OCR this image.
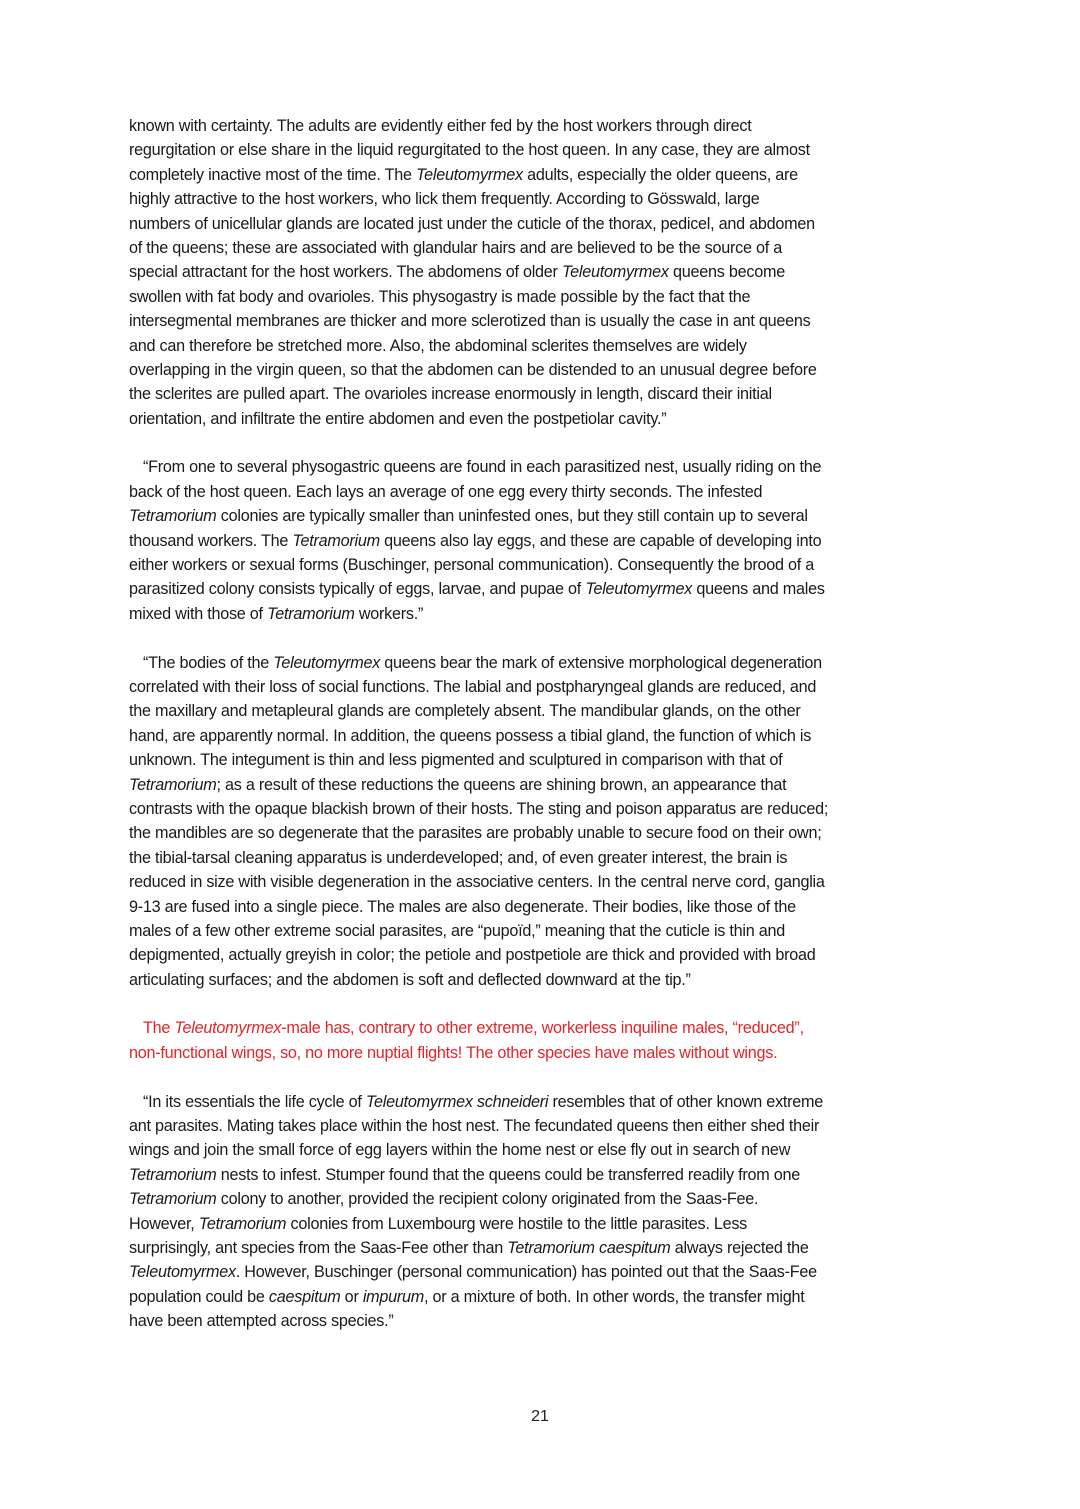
known with certainty. The adults are evidently either fed by the host workers through direct
regurgitation or else share in the liquid regurgitated to the host queen. In any case, they are almost
completely inactive most of the time. The Teleutomyrmex adults, especially the older queens, are
highly attractive to the host workers, who lick them frequently. According to Gösswald, large
numbers of unicellular glands are located just under the cuticle of the thorax, pedicel, and abdomen
of the queens; these are associated with glandular hairs and are believed to be the source of a
special attractant for the host workers. The abdomens of older Teleutomyrmex queens become
swollen with fat body and ovarioles. This physogastry is made possible by the fact that the
intersegmental membranes are thicker and more sclerotized than is usually the case in ant queens
and can therefore be stretched more. Also, the abdominal sclerites themselves are widely
overlapping in the virgin queen, so that the abdomen can be distended to an unusual degree before
the sclerites are pulled apart. The ovarioles increase enormously in length, discard their initial
orientation, and infiltrate the entire abdomen and even the postpetiolar cavity.”
“From one to several physogastric queens are found in each parasitized nest, usually riding on the
back of the host queen. Each lays an average of one egg every thirty seconds. The infested
Tetramorium colonies are typically smaller than uninfested ones, but they still contain up to several
thousand workers. The Tetramorium queens also lay eggs, and these are capable of developing into
either workers or sexual forms (Buschinger, personal communication). Consequently the brood of a
parasitized colony consists typically of eggs, larvae, and pupae of Teleutomyrmex queens and males
mixed with those of Tetramorium workers.”
“The bodies of the Teleutomyrmex queens bear the mark of extensive morphological degeneration
correlated with their loss of social functions. The labial and postpharyngeal glands are reduced, and
the maxillary and metapleural glands are completely absent. The mandibular glands, on the other
hand, are apparently normal. In addition, the queens possess a tibial gland, the function of which is
unknown. The integument is thin and less pigmented and sculptured in comparison with that of
Tetramorium; as a result of these reductions the queens are shining brown, an appearance that
contrasts with the opaque blackish brown of their hosts. The sting and poison apparatus are reduced;
the mandibles are so degenerate that the parasites are probably unable to secure food on their own;
the tibial-tarsal cleaning apparatus is underdeveloped; and, of even greater interest, the brain is
reduced in size with visible degeneration in the associative centers. In the central nerve cord, ganglia
9-13 are fused into a single piece. The males are also degenerate. Their bodies, like those of the
males of a few other extreme social parasites, are “pupoïd,” meaning that the cuticle is thin and
depigmented, actually greyish in color; the petiole and postpetiole are thick and provided with broad
articulating surfaces; and the abdomen is soft and deflected downward at the tip.”
The Teleutomyrmex-male has, contrary to other extreme, workerless inquiline males, “reduced”,
non-functional wings, so, no more nuptial flights! The other species have males without wings.
“In its essentials the life cycle of Teleutomyrmex schneideri resembles that of other known extreme
ant parasites. Mating takes place within the host nest. The fecundated queens then either shed their
wings and join the small force of egg layers within the home nest or else fly out in search of new
Tetramorium nests to infest. Stumper found that the queens could be transferred readily from one
Tetramorium colony to another, provided the recipient colony originated from the Saas-Fee.
However, Tetramorium colonies from Luxembourg were hostile to the little parasites. Less
surprisingly, ant species from the Saas-Fee other than Tetramorium caespitum always rejected the
Teleutomyrmex. However, Buschinger (personal communication) has pointed out that the Saas-Fee
population could be caespitum or impurum, or a mixture of both. In other words, the transfer might
have been attempted across species.”
21
